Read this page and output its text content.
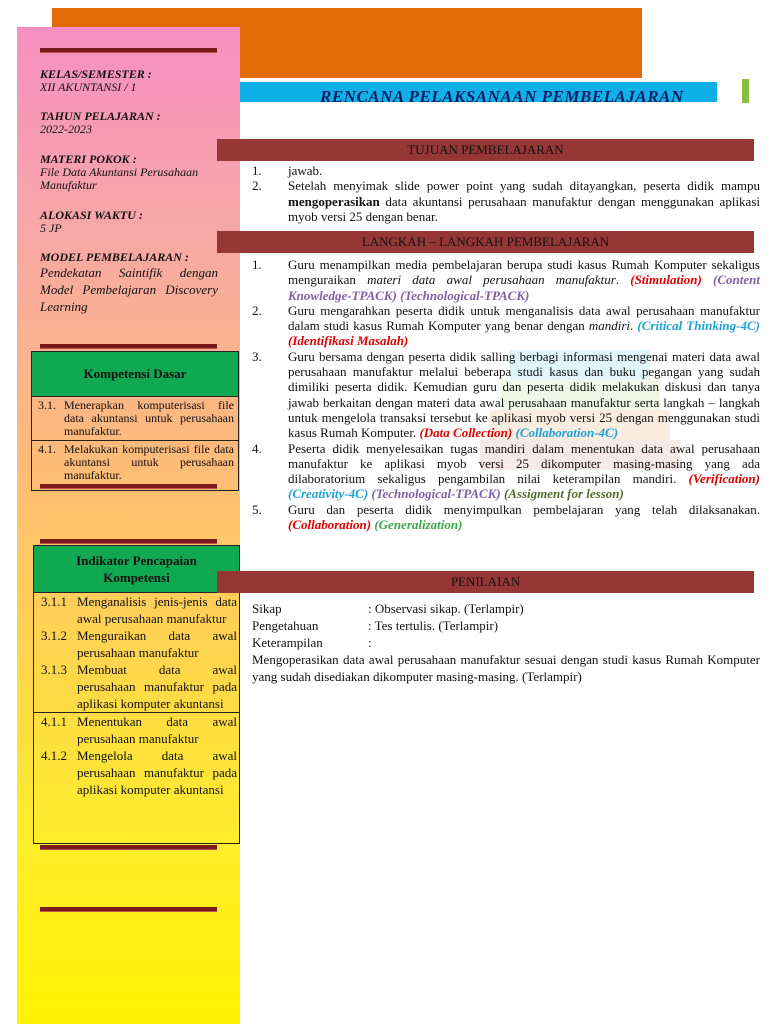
RENCANA PELAKSANAAN PEMBELAJARAN
KELAS/SEMESTER :
XII AKUNTANSI / 1
TAHUN PELAJARAN :
2022-2023
MATERI POKOK :
File Data Akuntansi Perusahaan Manufaktur
ALOKASI WAKTU :
5 JP
MODEL PEMBELAJARAN :
Pendekatan Saintifik dengan Model Pembelajaran Discovery Learning
Kompetensi Dasar
3.1. Menerapkan komputerisasi file data akuntansi untuk perusahaan manufaktur.
4.1. Melakukan komputerisasi file data akuntansi untuk perusahaan manufaktur.
Indikator Pencapaian Kompetensi
3.1.1 Menganalisis jenis-jenis data awal perusahaan manufaktur
3.1.2 Menguraikan data awal perusahaan manufaktur
3.1.3 Membuat data awal perusahaan manufaktur pada aplikasi komputer akuntansi
4.1.1 Menentukan data awal perusahaan manufaktur
4.1.2 Mengelola data awal perusahaan manufaktur pada aplikasi komputer akuntansi
1.	jawab.
2.	Setelah menyimak slide power point yang sudah ditayangkan, peserta didik mampu mengoperasikan data akuntansi perusahaan manufaktur dengan menggunakan aplikasi myob versi 25 dengan benar.
TUJUAN PEMBELAJARAN
LANGKAH – LANGKAH PEMBELAJARAN
1.	Guru menampilkan media pembelajaran berupa studi kasus Rumah Komputer sekaligus menguraikan materi data awal perusahaan manufaktur. (Stimulation) (Content Knowledge-TPACK) (Technological-TPACK)
2.	Guru mengarahkan peserta didik untuk menganalisis data awal perusahaan manufaktur dalam studi kasus Rumah Komputer yang benar dengan mandiri. (Critical Thinking-4C) (Identifikasi Masalah)
3.	Guru bersama dengan peserta didik salling berbagi informasi mengenai materi data awal perusahaan manufaktur melalui beberapa studi kasus dan buku pegangan yang sudah dimiliki peserta didik. Kemudian guru dan peserta didik melakukan diskusi dan tanya jawab berkaitan dengan materi data awal perusahaan manufaktur serta langkah – langkah untuk mengelola transaksi tersebut ke aplikasi myob versi 25 dengan menggunakan studi kasus Rumah Komputer. (Data Collection) (Collaboration-4C)
4.	Peserta didik menyelesaikan tugas mandiri dalam menentukan data awal perusahaan manufaktur ke aplikasi myob versi 25 dikomputer masing-masing yang ada dilaboratorium sekaligus pengambilan nilai keterampilan mandiri. (Verification) (Creativity-4C) (Technological-TPACK) (Assigment for lesson)
5.	Guru dan peserta didik menyimpulkan pembelajaran yang telah dilaksanakan. (Collaboration) (Generalization)
PENILAIAN
Sikap	: Observasi sikap. (Terlampir)
Pengetahuan	: Tes tertulis. (Terlampir)
Keterampilan	:
Mengoperasikan data awal perusahaan manufaktur sesuai dengan studi kasus Rumah Komputer yang sudah disediakan dikomputer masing-masing. (Terlampir)
